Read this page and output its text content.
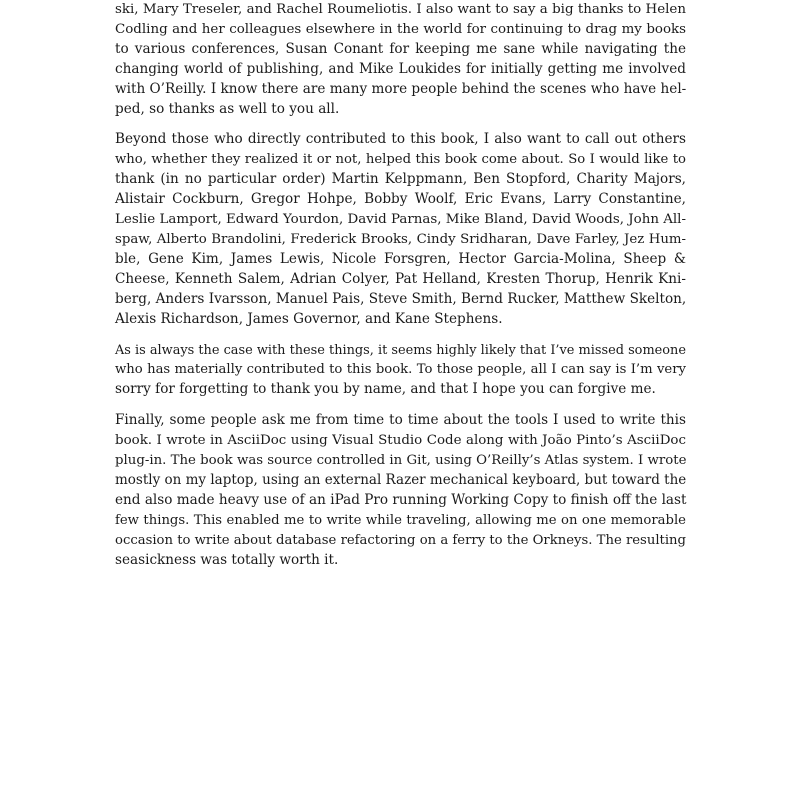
ski, Mary Treseler, and Rachel Roumeliotis. I also want to say a big thanks to Helen
Codling and her colleagues elsewhere in the world for continuing to drag my books
to various conferences, Susan Conant for keeping me sane while navigating the
changing world of publishing, and Mike Loukides for initially getting me involved
with O’Reilly. I know there are many more people behind the scenes who have hel-
ped, so thanks as well to you all.

Beyond those who directly contributed to this book, I also want to call out others
who, whether they realized it or not, helped this book come about. So I would like to
thank (in no particular order) Martin Kelppmann, Ben Stopford, Charity Majors,
Alistair Cockburn, Gregor Hohpe, Bobby Woolf, Eric Evans, Larry Constantine,
Leslie Lamport, Edward Yourdon, David Parnas, Mike Bland, David Woods, John All-
spaw, Alberto Brandolini, Frederick Brooks, Cindy Sridharan, Dave Farley, Jez Hum-
ble, Gene Kim, James Lewis, Nicole Forsgren, Hector Garcia-Molina, Sheep &
Cheese, Kenneth Salem, Adrian Colyer, Pat Helland, Kresten Thorup, Henrik Kni-
berg, Anders Ivarsson, Manuel Pais, Steve Smith, Bernd Rucker, Matthew Skelton,
Alexis Richardson, James Governor, and Kane Stephens.

As is always the case with these things, it seems highly likely that I’ve missed someone
who has materially contributed to this book. To those people, all I can say is I’m very
sorry for forgetting to thank you by name, and that I hope you can forgive me.

Finally, some people ask me from time to time about the tools I used to write this
book. I wrote in AsciiDoc using Visual Studio Code along with João Pinto’s AsciiDoc
plug-in. The book was source controlled in Git, using O’Reilly’s Atlas system. I wrote
mostly on my laptop, using an external Razer mechanical keyboard, but toward the
end also made heavy use of an iPad Pro running Working Copy to finish off the last
few things. This enabled me to write while traveling, allowing me on one memorable
occasion to write about database refactoring on a ferry to the Orkneys. The resulting
seasickness was totally worth it.
